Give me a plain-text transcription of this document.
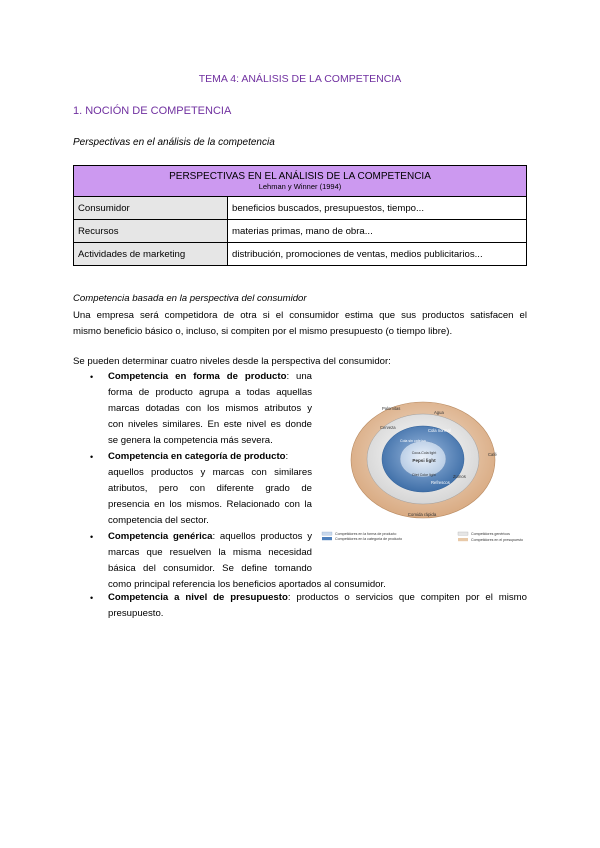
TEMA 4: ANÁLISIS DE LA COMPETENCIA
1. NOCIÓN DE COMPETENCIA
Perspectivas en el análisis de la competencia
PERSPECTIVAS EN EL ANÁLISIS DE LA COMPETENCIA
Lehman y Winner (1994)	

Consumidor	beneficios buscados, presupuestos, tiempo...
Recursos	materias primas, mano de obra...
Actividades de marketing	distribución, promociones de ventas, medios publicitarios...
Competencia basada en la perspectiva del consumidor
Una empresa será competidora de otra si el consumidor estima que sus productos satisfacen el
mismo beneficio básico o, incluso, si compiten por el mismo presupuesto (o tiempo libre).
Se pueden determinar cuatro niveles desde la perspectiva del consumidor:
• Competencia en forma de producto: una
forma de producto agrupa a todas aquellas
marcas dotadas con los mismos atributos y
con niveles similares. En este nivel es donde
se genera la competencia más severa.
• Competencia en categoría de producto:
aquellos productos y marcas con similares
atributos, pero con diferente grado de
presencia en los mismos. Relacionado con la
competencia del sector.
• Competencia genérica: aquellos productos y
marcas que resuelven la misma necesidad
básica del consumidor. Se define tomando
como principal referencia los beneficios aportados al consumidor.
• Competencia a nivel de presupuesto: productos o servicios que compiten por el mismo
presupuesto.
Palomitas
Agua
Cerveza
Cola normal
Cola sin cafeína
Coca-Cola light
Pepsi light
Diet Coke light
Refrescos
Zumos
Café
Comida rápida
Competidores en la forma de producto
Competidores en la categoría de producto
Competidores genéricos
Competidores en el presupuesto
